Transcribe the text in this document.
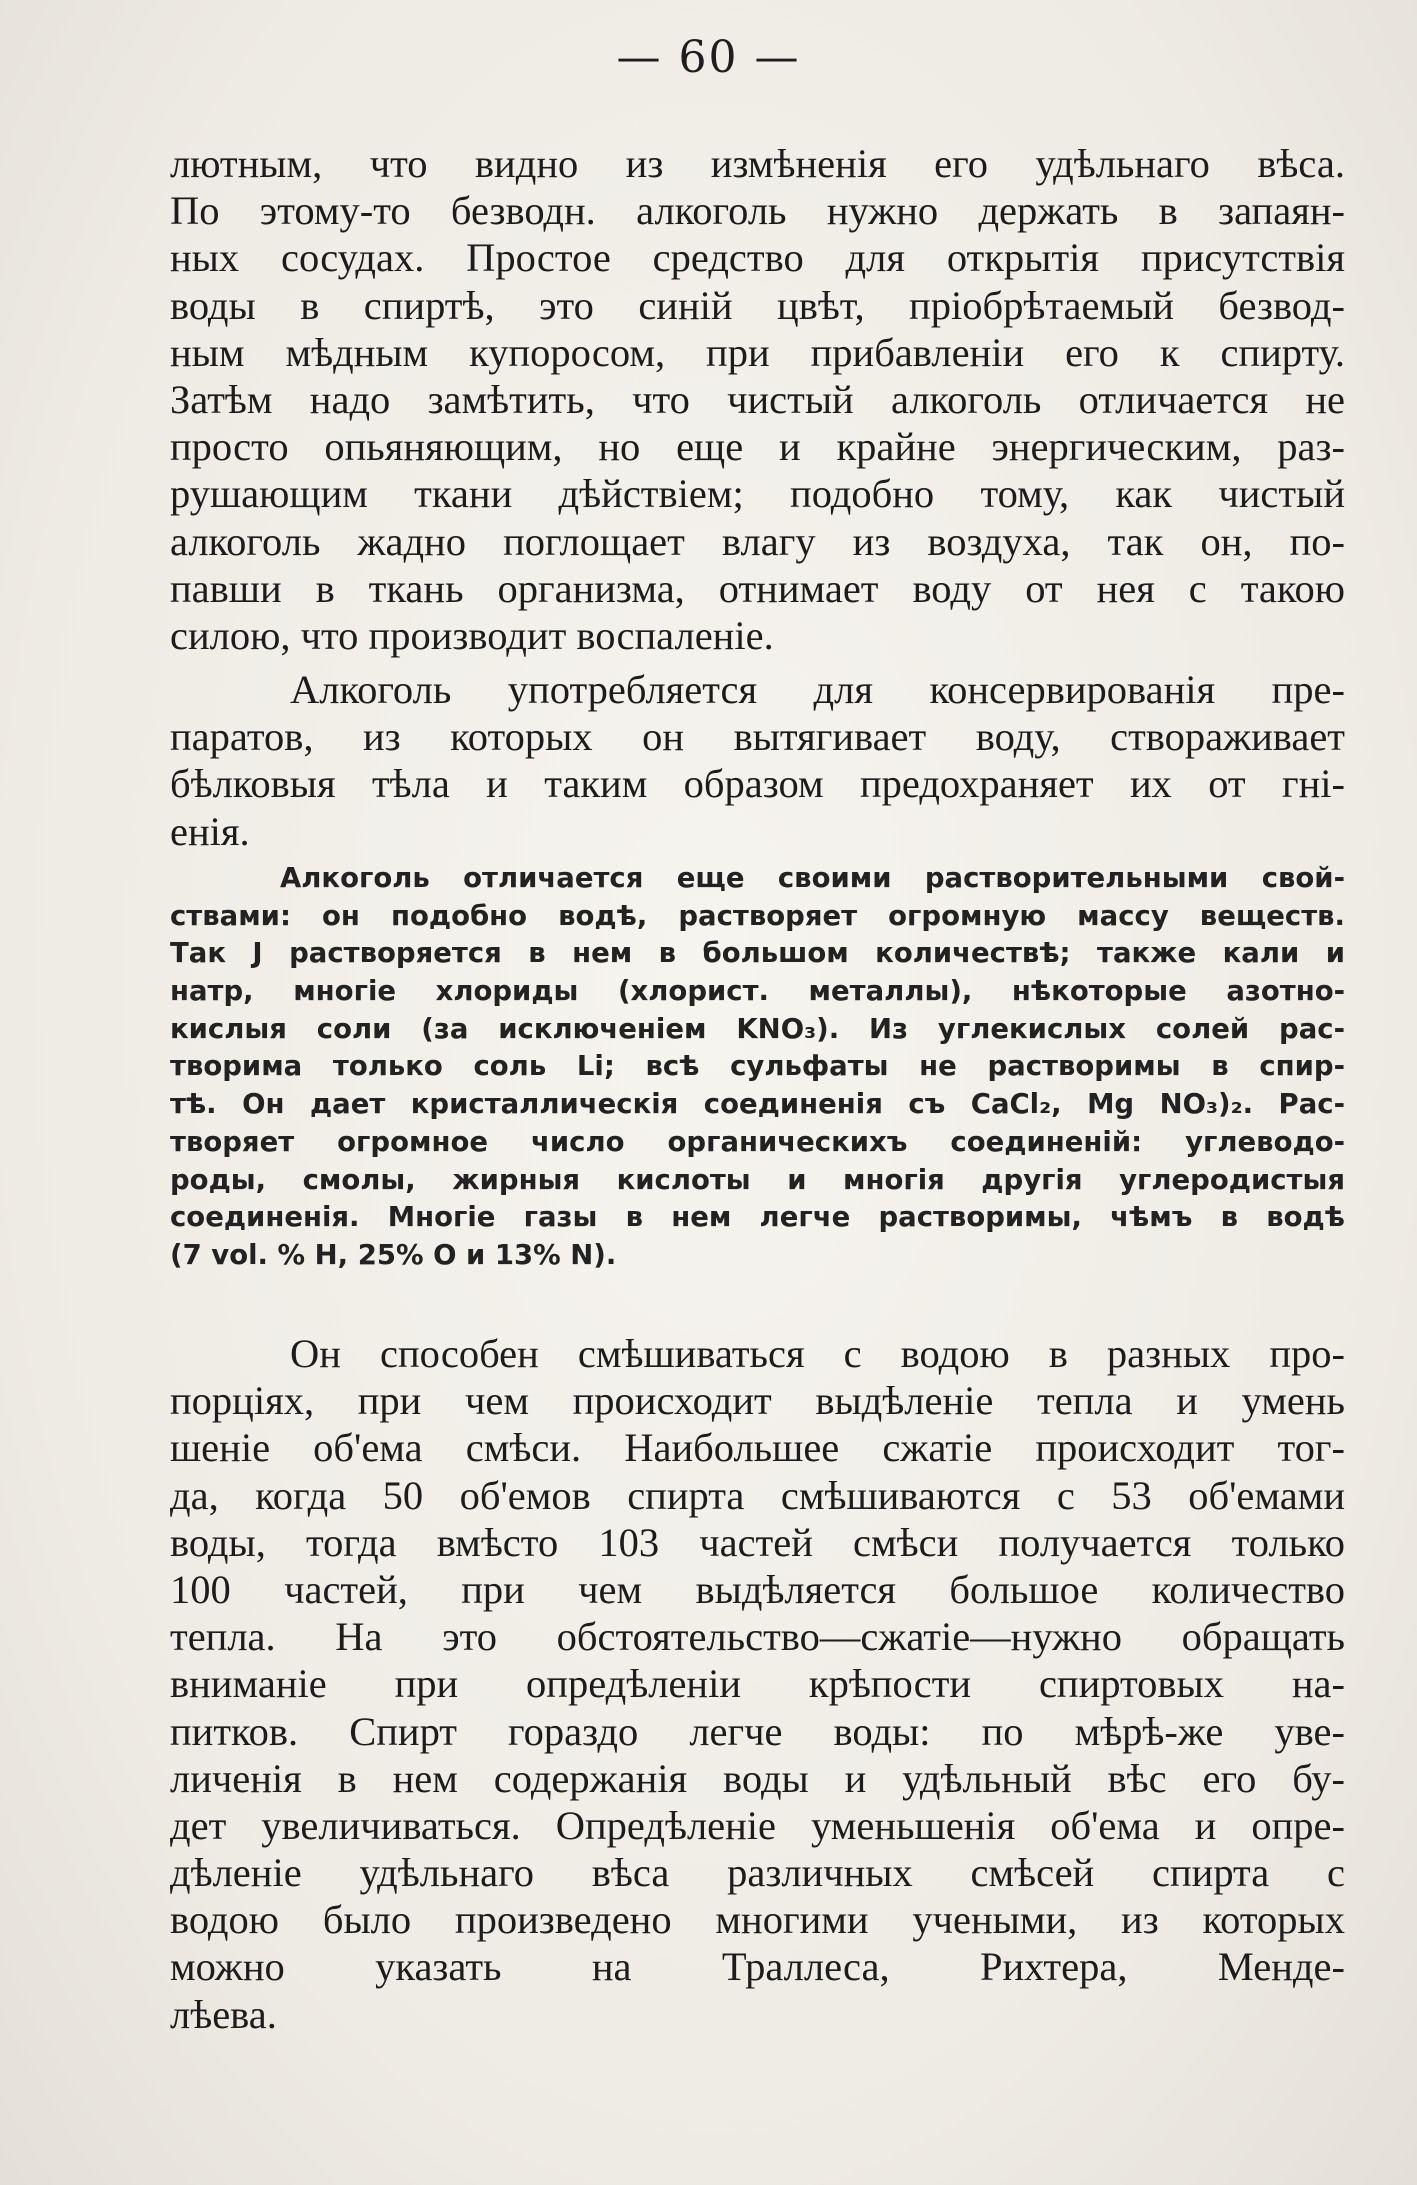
— 60 —
лютным, что видно из измѣненія его удѣльнаго вѣса.
По этому-то безводн. алкоголь нужно держать в запаян-
ных сосудах. Простое средство для открытія присутствія
воды в спиртѣ, это синій цвѣт, пріобрѣтаемый безвод-
ным мѣдным купоросом, при прибавленіи его к спирту.
Затѣм надо замѣтить, что чистый алкоголь отличается не
просто опьяняющим, но еще и крайне энергическим, раз-
рушающим ткани дѣйствіем; подобно тому, как чистый
алкоголь жадно поглощает влагу из воздуха, так он, по-
павши в ткань организма, отнимает воду от нея с такою
силою, что производит воспаленіе.
Алкоголь употребляется для консервированія пре-
паратов, из которых он вытягивает воду, створаживает
бѣлковыя тѣла и таким образом предохраняет их от гні-
енія.
Алкоголь отличается еще своими растворительными свой-
ствами: он подобно водѣ, растворяет огромную массу веществ.
Так J растворяется в нем в большом количествѣ; также кали и
натр, многіе хлориды (хлорист. металлы), нѣкоторые азотно-
кислыя соли (за исключеніем KNO₃). Из углекислых солей рас-
творима только соль Li; всѣ сульфаты не растворимы в спир-
тѣ. Он дает кристаллическія соединенія съ CaCl₂, Mg NO₃)₂. Рас-
творяет огромное число органическихъ соединеній: углеводо-
роды, смолы, жирныя кислоты и многія другія углеродистыя
соединенія. Многіе газы в нем легче растворимы, чѣмъ в водѣ
(7 vol. % H, 25% O и 13% N).
Он способен смѣшиваться с водою в разных про-
порціях, при чем происходит выдѣленіе тепла и умень
шеніе об'ема смѣси. Наибольшее сжатіе происходит тог-
да, когда 50 об'емов спирта смѣшиваются с 53 об'емами
воды, тогда вмѣсто 103 частей смѣси получается только
100 частей, при чем выдѣляется большое количество
тепла. На это обстоятельство—сжатіе—нужно обращать
вниманіе при опредѣленіи крѣпости спиртовых на-
питков. Спирт гораздо легче воды: по мѣрѣ-же уве-
личенія в нем содержанія воды и удѣльный вѣс его бу-
дет увеличиваться. Опредѣленіе уменьшенія об'ема и опре-
дѣленіе удѣльнаго вѣса различных смѣсей спирта с
водою было произведено многими учеными, из которых
можно указать на Траллеса, Рихтера, Менде-
лѣева.
